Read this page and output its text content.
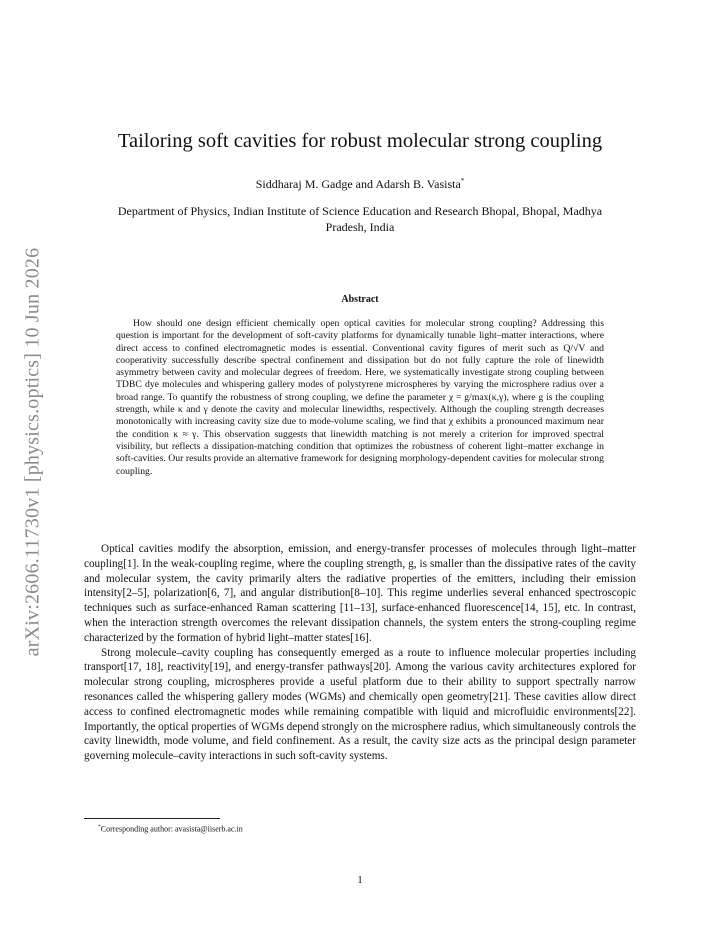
arXiv:2606.11730v1 [physics.optics] 10 Jun 2026
Tailoring soft cavities for robust molecular strong coupling
Siddharaj M. Gadge and Adarsh B. Vasista*
Department of Physics, Indian Institute of Science Education and Research Bhopal, Bhopal, Madhya Pradesh, India
Abstract

How should one design efficient chemically open optical cavities for molecular strong coupling? Addressing this question is important for the development of soft-cavity platforms for dynamically tunable light–matter interactions, where direct access to confined electromagnetic modes is essential. Conventional cavity figures of merit such as Q/√V and cooperativity successfully describe spectral confinement and dissipation but do not fully capture the role of linewidth asymmetry between cavity and molecular degrees of freedom. Here, we systematically investigate strong coupling between TDBC dye molecules and whispering gallery modes of polystyrene microspheres by varying the microsphere radius over a broad range. To quantify the robustness of strong coupling, we define the parameter χ = g/max(κ,γ), where g is the coupling strength, while κ and γ denote the cavity and molecular linewidths, respectively. Although the coupling strength decreases monotonically with increasing cavity size due to mode-volume scaling, we find that χ exhibits a pronounced maximum near the condition κ ≈ γ. This observation suggests that linewidth matching is not merely a criterion for improved spectral visibility, but reflects a dissipation-matching condition that optimizes the robustness of coherent light–matter exchange in soft-cavities. Our results provide an alternative framework for designing morphology-dependent cavities for molecular strong coupling.

Optical cavities modify the absorption, emission, and energy-transfer processes of molecules through light–matter coupling[1]. In the weak-coupling regime, where the coupling strength, g, is smaller than the dissipative rates of the cavity and molecular system, the cavity primarily alters the radiative properties of the emitters, including their emission intensity[2–5], polarization[6, 7], and angular distribution[8–10]. This regime underlies several enhanced spectroscopic techniques such as surface-enhanced Raman scattering [11–13], surface-enhanced fluorescence[14, 15], etc. In contrast, when the interaction strength overcomes the relevant dissipation channels, the system enters the strong-coupling regime characterized by the formation of hybrid light–matter states[16].

Strong molecule–cavity coupling has consequently emerged as a route to influence molecular properties including transport[17, 18], reactivity[19], and energy-transfer pathways[20]. Among the various cavity architectures explored for molecular strong coupling, microspheres provide a useful platform due to their ability to support spectrally narrow resonances called the whispering gallery modes (WGMs) and chemically open geometry[21]. These cavities allow direct access to confined electromagnetic modes while remaining compatible with liquid and microfluidic environments[22]. Importantly, the optical properties of WGMs depend strongly on the microsphere radius, which simultaneously controls the cavity linewidth, mode volume, and field confinement. As a result, the cavity size acts as the principal design parameter governing molecule–cavity interactions in such soft-cavity systems.

*Corresponding author: avasista@iiserb.ac.in
1
